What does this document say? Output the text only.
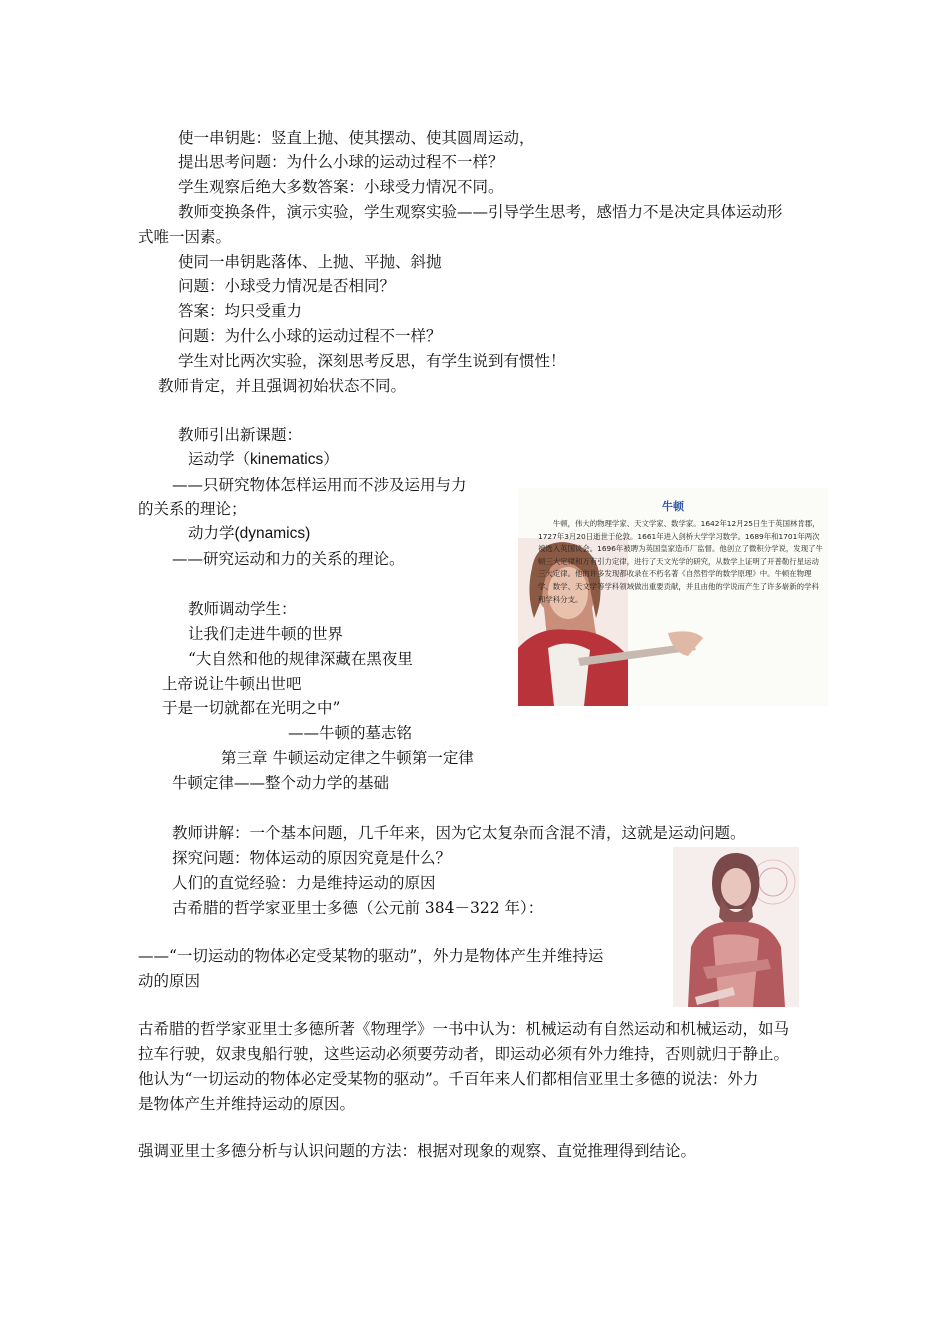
使一串钥匙：竖直上抛、使其摆动、使其圆周运动，
提出思考问题：为什么小球的运动过程不一样？
学生观察后绝大多数答案：小球受力情况不同。
教师变换条件，演示实验，学生观察实验——引导学生思考，感悟力不是决定具体运动形
式唯一因素。
使同一串钥匙落体、上抛、平抛、斜抛
问题：小球受力情况是否相同？
答案：均只受重力
问题：为什么小球的运动过程不一样？
学生对比两次实验，深刻思考反思，有学生说到有惯性！
教师肯定，并且强调初始状态不同。
教师引出新课题：
运动学（kinematics）
——只研究物体怎样运用而不涉及运用与力
的关系的理论；
动力学(dynamics)
——研究运动和力的关系的理论。
教师调动学生：
让我们走进牛顿的世界
“大自然和他的规律深藏在黑夜里
上帝说让牛顿出世吧
于是一切就都在光明之中”
——牛顿的墓志铭
第三章 牛顿运动定律之牛顿第一定律
牛顿定律——整个动力学的基础
教师讲解：一个基本问题，几千年来，因为它太复杂而含混不清，这就是运动问题。
探究问题：物体运动的原因究竟是什么？
人们的直觉经验：力是维持运动的原因
古希腊的哲学家亚里士多德（公元前 384－322 年）：
——“一切运动的物体必定受某物的驱动”，外力是物体产生并维持运
动的原因
古希腊的哲学家亚里士多德所著《物理学》一书中认为：机械运动有自然运动和机械运动，如马
拉车行驶，奴隶曳船行驶，这些运动必须要劳动者，即运动必须有外力维持，否则就归于静止。
他认为“一切运动的物体必定受某物的驱动”。千百年来人们都相信亚里士多德的说法：外力
是物体产生并维持运动的原因。
强调亚里士多德分析与认识问题的方法：根据对现象的观察、直觉推理得到结论。
牛顿
牛顿，伟大的物理学家、天文学家、数学家。1642年12月25日生于英国林肯郡，1727年3月20日逝世于伦敦。1661年进入剑桥大学学习数学。1689年和1701年两次被选入英国议会。1696年被聘为英国皇家造币厂监督。他创立了微积分学说，发现了牛顿三大定律和万有引力定律，进行了天文光学的研究，从数学上证明了开普勒行星运动三大定律。他的许多发现都收录在不朽名著《自然哲学的数学原理》中。牛顿在物理学、数学、天文学等学科领域做出重要贡献，并且由他的学说而产生了许多崭新的学科和学科分支。
